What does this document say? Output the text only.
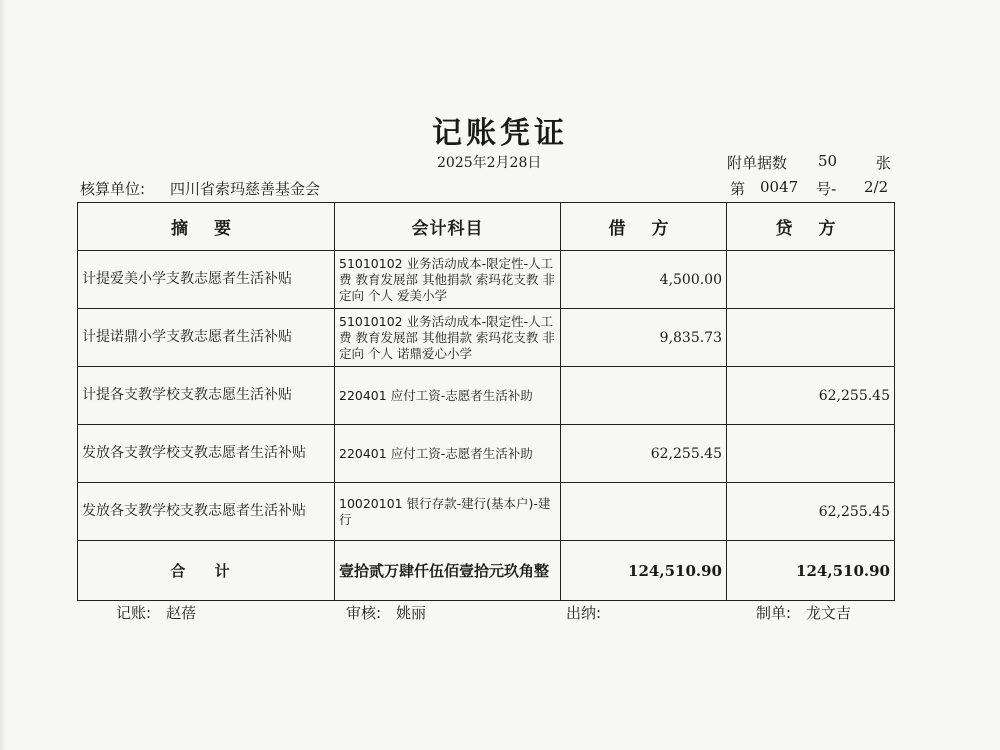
记账凭证
2025年2月28日	附单据数 50	张
核算单位: 四川省索玛慈善基金会	第 0047 号- 2/2
摘 要	会计科目	借 方	贷 方
计提爱美小学支教志愿者生活补贴	51010102 业务活动成本-限定性-人工费 教育发展部 其他捐款 索玛花支教 非定向 个人 爱美小学	4,500.00	
计提诺鼎小学支教志愿者生活补贴	51010102 业务活动成本-限定性-人工费 教育发展部 其他捐款 索玛花支教 非定向 个人 诺鼎爱心小学	9,835.73	
计提各支教学校支教志愿生活补贴	220401 应付工资-志愿者生活补助		62,255.45
发放各支教学校支教志愿者生活补贴	220401 应付工资-志愿者生活补助	62,255.45	
发放各支教学校支教志愿者生活补贴	10020101 银行存款-建行(基本户)-建行		62,255.45
合 计	壹拾贰万肆仟伍佰壹拾元玖角整	124,510.90	124,510.90
记账: 赵蓓	审核: 姚丽	出纳:	制单: 龙文吉
